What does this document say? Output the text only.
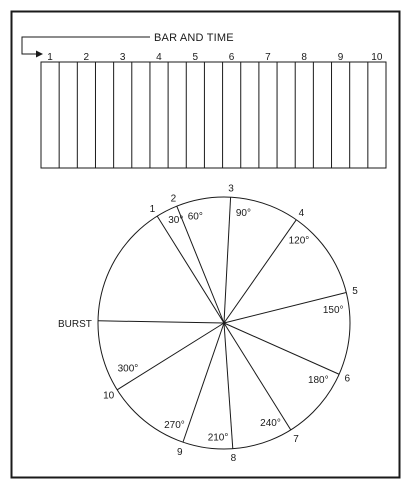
BAR AND TIME
1	2	3	4	5	6	7	8	9	10
1
30°
2
60°
3
90°	4
120°
5
150°
6
180°
7
240°
8
210°
9
270°
10
300°
BURST
